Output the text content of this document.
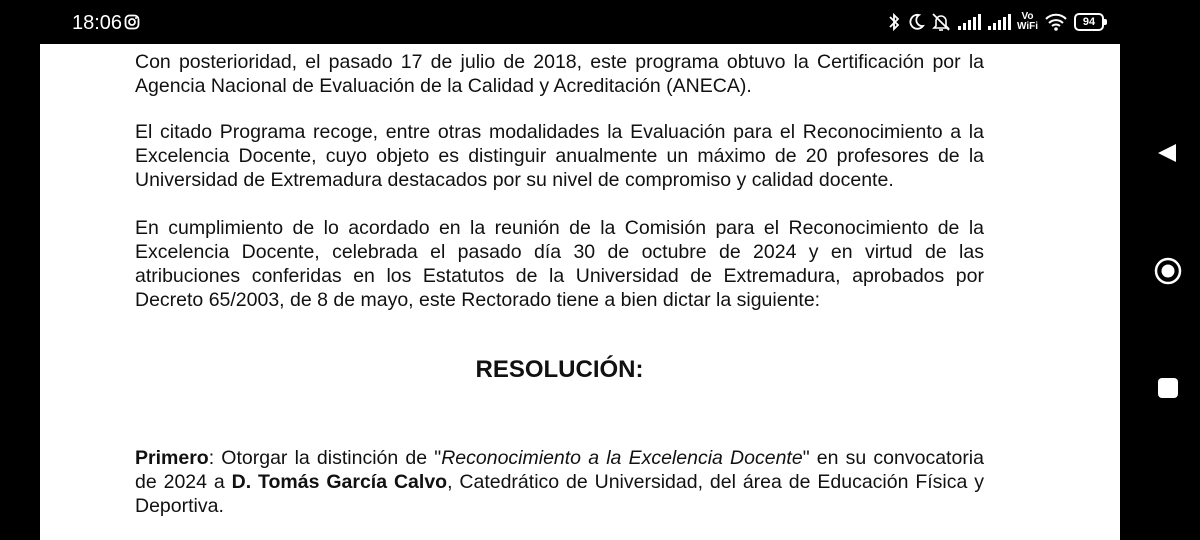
18:06	Vo
WiFi	94

Con posterioridad, el pasado 17 de julio de 2018, este programa obtuvo la Certificación por la Agencia Nacional de Evaluación de la Calidad y Acreditación (ANECA).

El citado Programa recoge, entre otras modalidades la Evaluación para el Reconocimiento a la Excelencia Docente, cuyo objeto es distinguir anualmente un máximo de 20 profesores de la Universidad de Extremadura destacados por su nivel de compromiso y calidad docente.

En cumplimiento de lo acordado en la reunión de la Comisión para el Reconocimiento de la Excelencia Docente, celebrada el pasado día 30 de octubre de 2024 y en virtud de las atribuciones conferidas en los Estatutos de la Universidad de Extremadura, aprobados por Decreto 65/2003, de 8 de mayo, este Rectorado tiene a bien dictar la siguiente:

RESOLUCIÓN:

Primero: Otorgar la distinción de "Reconocimiento a la Excelencia Docente" en su convocatoria de 2024 a D. Tomás García Calvo, Catedrático de Universidad, del área de Educación Física y Deportiva.
